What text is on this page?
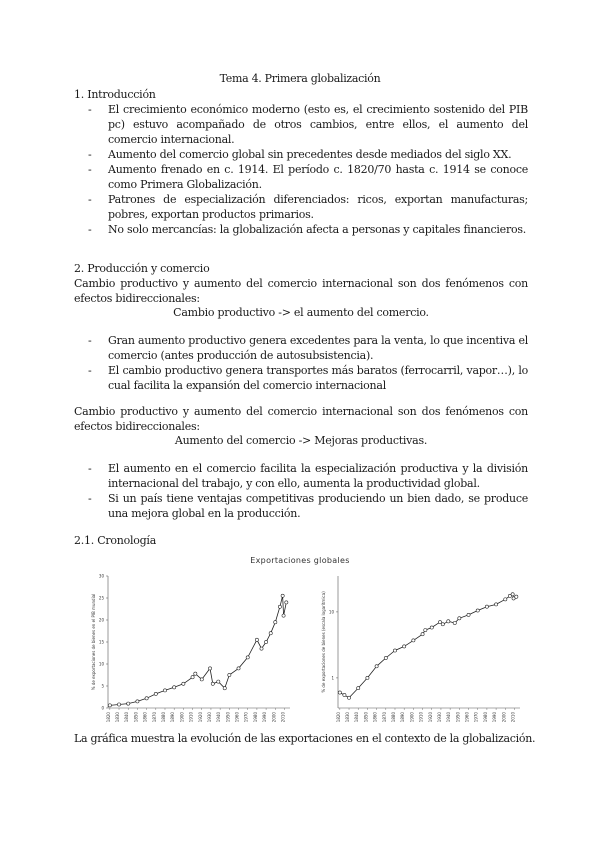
Tema 4. Primera globalización
1. Introducción
- El crecimiento económico moderno (esto es, el crecimiento sostenido del PIB pc) estuvo acompañado de otros cambios, entre ellos, el aumento del comercio internacional.
- Aumento del comercio global sin precedentes desde mediados del siglo XX.
- Aumento frenado en c. 1914. El período c. 1820/70 hasta c. 1914 se conoce como Primera Globalización.
- Patrones de especialización diferenciados: ricos, exportan manufacturas; pobres, exportan productos primarios.
- No solo mercancías: la globalización afecta a personas y capitales financieros.
2. Producción y comercio
Cambio productivo y aumento del comercio internacional son dos fenómenos con efectos bidireccionales:
Cambio productivo -> el aumento del comercio.
- Gran aumento productivo genera excedentes para la venta, lo que incentiva el comercio (antes producción de autosubsistencia).
- El cambio productivo genera transportes más baratos (ferrocarril, vapor…), lo cual facilita la expansión del comercio internacional
Cambio productivo y aumento del comercio internacional son dos fenómenos con efectos bidireccionales:
Aumento del comercio -> Mejoras productivas.
- El aumento en el comercio facilita la especialización productiva y la división internacional del trabajo, y con ello, aumenta la productividad global.
- Si un país tiene ventajas competitivas produciendo un bien dado, se produce una mejora global en la producción.
2.1. Cronología
Exportaciones globales
0
5
10
15
20
25
30
1820 1830 1840 1850 1860 1870 1880 1890 1900 1910 1920 1930 1940 1950 1960 1970 1980 1990 2000 2010
% de exportaciones de bienes en el PIB mundial	1
10
1820 1830 1840 1850 1860 1870 1880 1890 1900 1910 1920 1930 1940 1950 1960 1970 1980 1990 2000 2010
% de exportaciones de bienes (escala logarítmica)
La gráfica muestra la evolución de las exportaciones en el contexto de la globalización.
